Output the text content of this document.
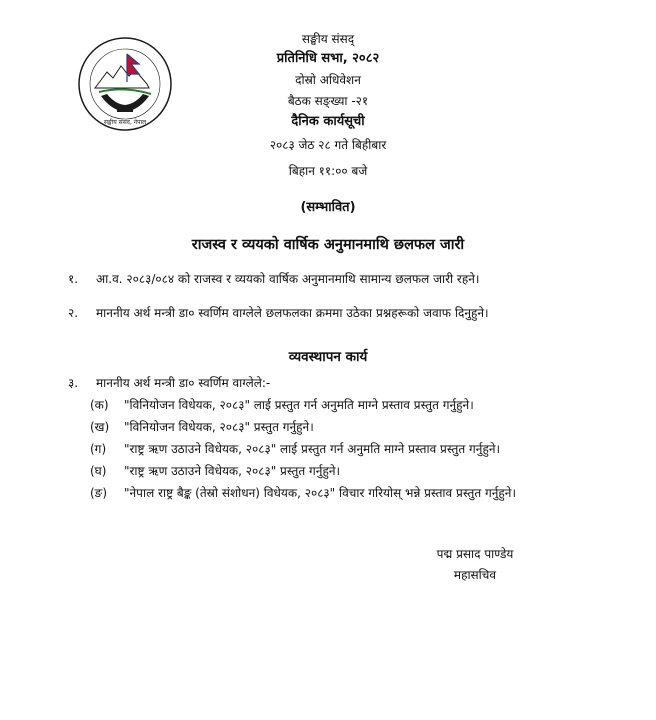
सङ्घीय संसद, नेपाल
सङ्घीय संसद्
प्रतिनिधि सभा, २०८२
दोस्रो अधिवेशन
बैठक सङ्ख्या -२१
दैनिक कार्यसूची
२०८३ जेठ २८ गते बिहीबार
बिहान ११:०० बजे
(सम्भावित)
राजस्व र व्ययको वार्षिक अनुमानमाथि छलफल जारी
१. आ.व. २०८३/०८४ को राजस्व र व्ययको वार्षिक अनुमानमाथि सामान्य छलफल जारी रहने।
२. माननीय अर्थ मन्त्री डा० स्वर्णिम वाग्लेले छलफलका क्रममा उठेका प्रश्नहरूको जवाफ दिनुहुने।
व्यवस्थापन कार्य
३. माननीय अर्थ मन्त्री डा० स्वर्णिम वाग्लेले:-
(क) "विनियोजन विधेयक, २०८३" लाई प्रस्तुत गर्न अनुमति माग्ने प्रस्ताव प्रस्तुत गर्नुहुने।
(ख) "विनियोजन विधेयक, २०८३" प्रस्तुत गर्नुहुने।
(ग) "राष्ट्र ऋण उठाउने विधेयक, २०८३" लाई प्रस्तुत गर्न अनुमति माग्ने प्रस्ताव प्रस्तुत गर्नुहुने।
(घ) "राष्ट्र ऋण उठाउने विधेयक, २०८३" प्रस्तुत गर्नुहुने।
(ङ)	"नेपाल राष्ट्र बैङ्क (तेस्रो संशोधन) विधेयक, २०८३" विचार गरियोस् भन्ने प्रस्ताव प्रस्तुत गर्नुहुने।
पद्म प्रसाद पाण्डेय
महासचिव
